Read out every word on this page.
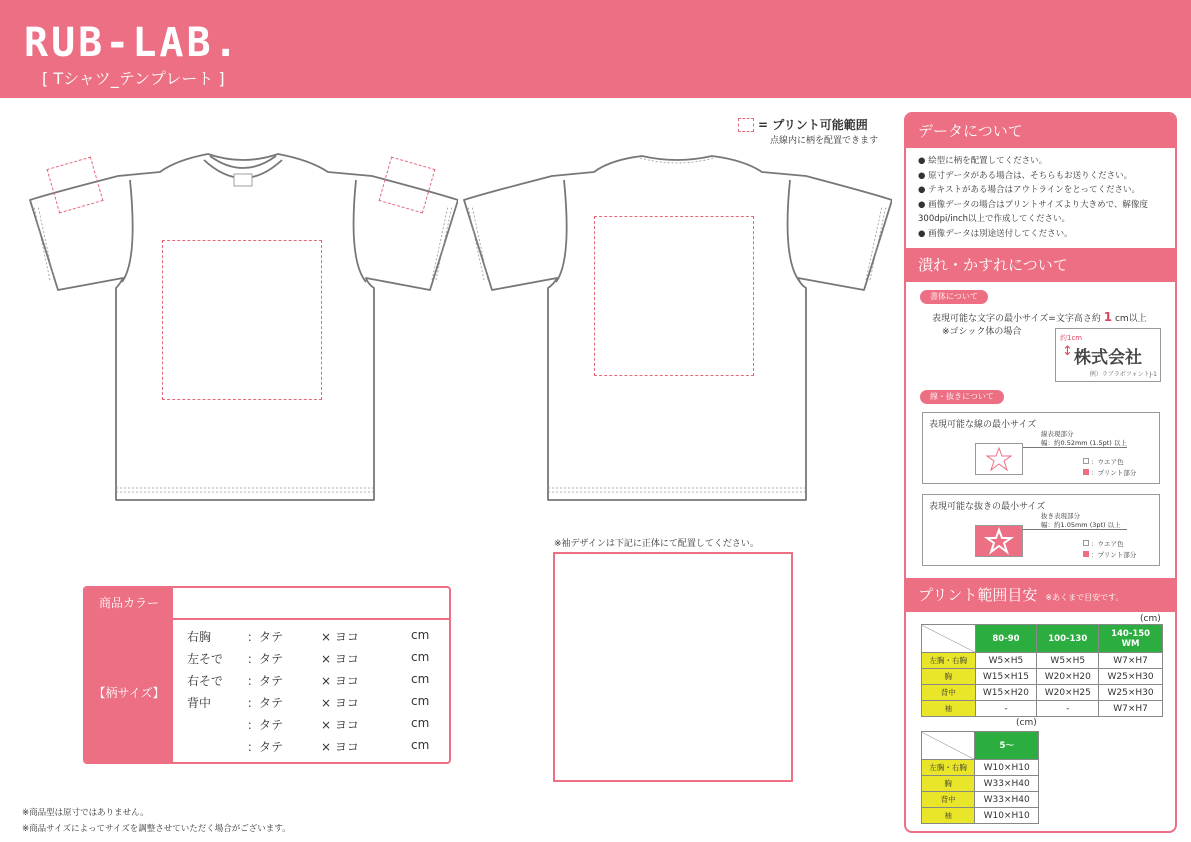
RUB-LAB.
[ Tシャツ_テンプレート ]
= プリント可能範囲
点線内に柄を配置できます
※袖デザインは下記に正体にて配置してください。
商品カラー
【柄サイズ】
右胸	：タテ	× ヨコ	cm
左そで ：タテ	× ヨコ	cm
右そで ：タテ	× ヨコ	cm
背中	：タテ	× ヨコ	cm
：タテ	× ヨコ	cm
：タテ	× ヨコ	cm
※商品型は原寸ではありません。
※商品サイズによってサイズを調整させていただく場合がございます。
データについて
● 絵型に柄を配置してください。
● 原寸データがある場合は、そちらもお送りください。
● テキストがある場合はアウトラインをとってください。
● 画像データの場合はプリントサイズより大きめで、解像度
300dpi/inch以上で作成してください。
● 画像データは別途送付してください。
潰れ・かすれについて
書体について
表現可能な文字の最小サイズ=文字高さ約 1 cm以上
※ゴシック体の場合
約1cm
↕ 株式会社
例）ラブラボフォントJ-1
線・抜きについて
表現可能な線の最小サイズ
線表現部分
幅：約0.52mm (1.5pt) 以上
：ウエア色
：プリント部分
表現可能な抜きの最小サイズ
抜き表現部分
幅：約1.05mm (3pt) 以上
：ウエア色
：プリント部分
プリント範囲目安 ※あくまで目安です。
(cm)
	80-90	100-130	140-150
WM
左胸・右胸	W5×H5	W5×H5	W7×H7
胸	W15×H15	W20×H20	W25×H30
背中	W15×H20	W20×H25	W25×H30
袖	-	-	W7×H7
(cm)
	5〜
左胸・右胸	W10×H10
胸	W33×H40
背中	W33×H40
袖	W10×H10
